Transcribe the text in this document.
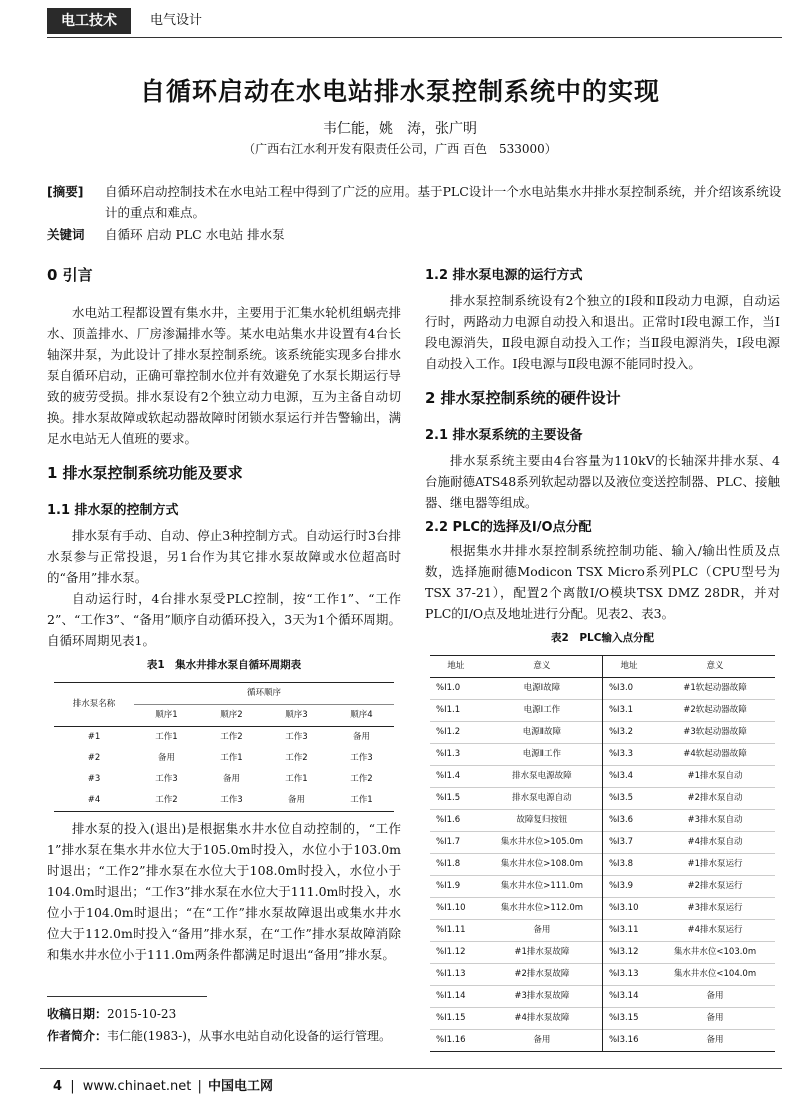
电工技术	电气设计
自循环启动在水电站排水泵控制系统中的实现
韦仁能，姚　涛，张广明
（广西右江水利开发有限责任公司，广西 百色　533000）
[摘要]	自循环启动控制技术在水电站工程中得到了广泛的应用。基于PLC设计一个水电站集水井排水泵控制系统，并介绍该系统设计的重点和难点。
关键词	自循环 启动 PLC 水电站 排水泵
0 引言

水电站工程都设置有集水井，主要用于汇集水轮机组蜗壳排水、顶盖排水、厂房渗漏排水等。某水电站集水井设置有4台长轴深井泵，为此设计了排水泵控制系统。该系统能实现多台排水泵自循环启动，正确可靠控制水位并有效避免了水泵长期运行导致的疲劳受损。排水泵设有2个独立动力电源，互为主备自动切换。排水泵故障或软起动器故障时闭锁水泵运行并告警输出，满足水电站无人值班的要求。

1 排水泵控制系统功能及要求
1.1 排水泵的控制方式

排水泵有手动、自动、停止3种控制方式。自动运行时3台排水泵参与正常投退，另1台作为其它排水泵故障或水位超高时的“备用”排水泵。

自动运行时，4台排水泵受PLC控制，按“工作1”、“工作2”、“工作3”、“备用”顺序自动循环投入，3天为1个循环周期。自循环周期见表1。

表1　集水井排水泵自循环周期表
排水泵名称	循环顺序			
	顺序1	顺序2	顺序3	顺序4
#1	工作1	工作2	工作3	备用
#2	备用	工作1	工作2	工作3
#3	工作3	备用	工作1	工作2
#4	工作2	工作3	备用	工作1

排水泵的投入(退出)是根据集水井水位自动控制的，“工作1”排水泵在集水井水位大于105.0m时投入，水位小于103.0m时退出；“工作2”排水泵在水位大于108.0m时投入，水位小于104.0m时退出；“工作3”排水泵在水位大于111.0m时投入，水位小于104.0m时退出；“在“工作”排水泵故障退出或集水井水位大于112.0m时投入“备用”排水泵，在“工作”排水泵故障消除和集水井水位小于111.0m两条件都满足时退出“备用”排水泵。

1.2 排水泵电源的运行方式

排水泵控制系统设有2个独立的Ⅰ段和Ⅱ段动力电源，自动运行时，两路动力电源自动投入和退出。正常时Ⅰ段电源工作，当Ⅰ段电源消失，Ⅱ段电源自动投入工作；当Ⅱ段电源消失，Ⅰ段电源自动投入工作。Ⅰ段电源与Ⅱ段电源不能同时投入。

2 排水泵控制系统的硬件设计
2.1 排水泵系统的主要设备

排水泵系统主要由4台容量为110kV的长轴深井排水泵、4台施耐德ATS48系列软起动器以及液位变送控制器、PLC、接触器、继电器等组成。

2.2 PLC的选择及I/O点分配

根据集水井排水泵控制系统控制功能、输入/输出性质及点数，选择施耐德Modicon TSX Micro系列PLC（CPU型号为TSX 37-21），配置2个离散I/O模块TSX DMZ 28DR，并对PLC的I/O点及地址进行分配。见表2、表3。

表2　PLC输入点分配
地址	意义	地址	意义
%I1.0	电源Ⅰ故障	%I3.0	#1软起动器故障
%I1.1	电源Ⅰ工作	%I3.1	#2软起动器故障
%I1.2	电源Ⅱ故障	%I3.2	#3软起动器故障
%I1.3	电源Ⅱ工作	%I3.3	#4软起动器故障
%I1.4	排水泵电源故障	%I3.4	#1排水泵自动
%I1.5	排水泵电源自动	%I3.5	#2排水泵自动
%I1.6	故障复归按钮	%I3.6	#3排水泵自动
%I1.7	集水井水位>105.0m	%I3.7	#4排水泵自动
%I1.8	集水井水位>108.0m	%I3.8	#1排水泵运行
%I1.9	集水井水位>111.0m	%I3.9	#2排水泵运行
%I1.10	集水井水位>112.0m	%I3.10	#3排水泵运行
%I1.11	备用	%I3.11	#4排水泵运行
%I1.12	#1排水泵故障	%I3.12	集水井水位<103.0m
%I1.13	#2排水泵故障	%I3.13	集水井水位<104.0m
%I1.14	#3排水泵故障	%I3.14	备用
%I1.15	#4排水泵故障	%I3.15	备用
%I1.16	备用	%I3.16	备用
收稿日期：2015-10-23
作者简介：韦仁能(1983-)，从事水电站自动化设备的运行管理。
4 | www.chinaet.net | 中国电工网
